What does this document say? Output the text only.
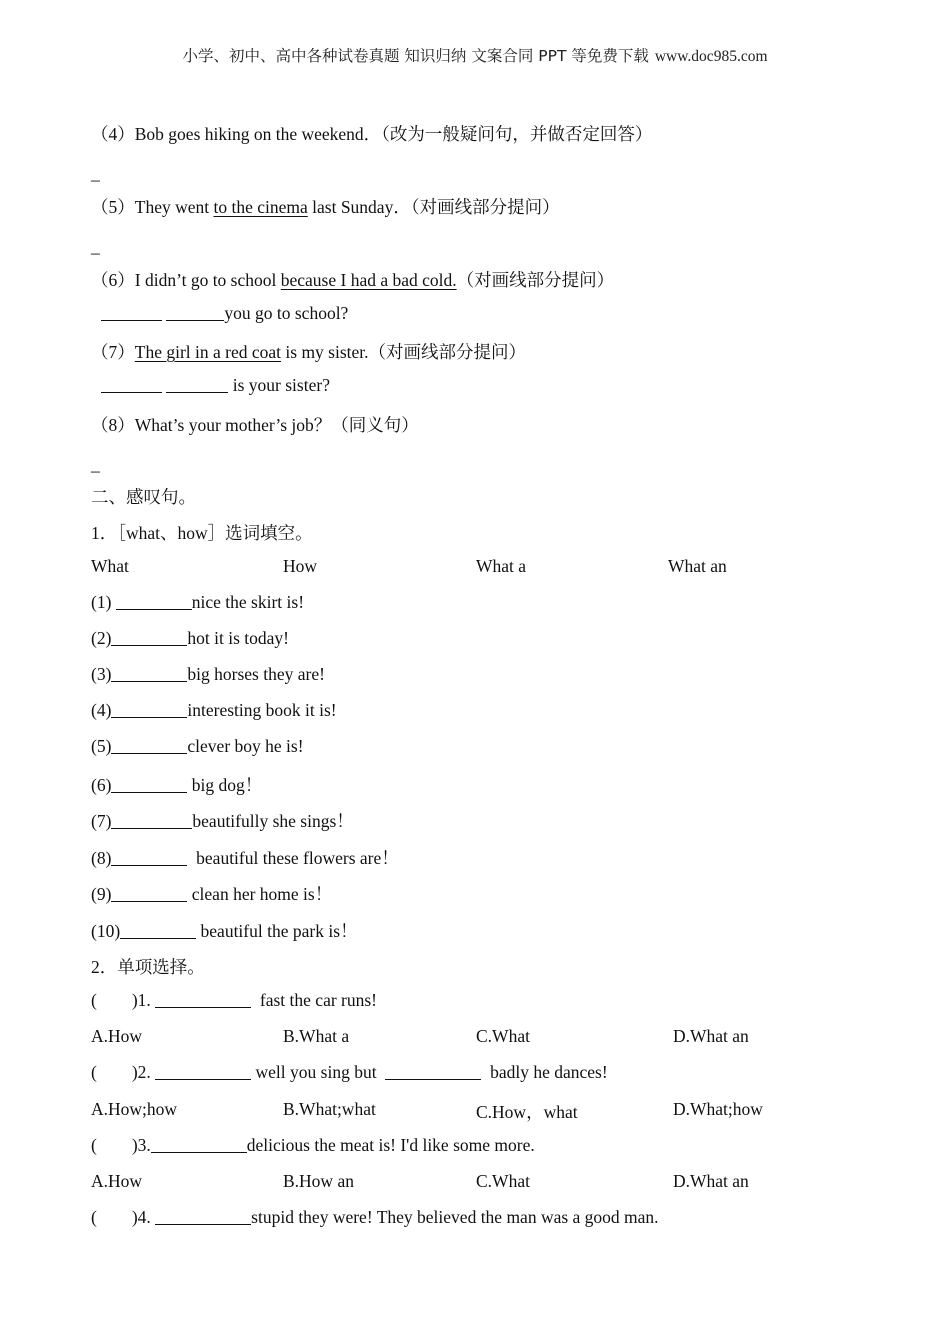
小学、初中、高中各种试卷真题 知识归纳 文案合同 PPT 等免费下载 www.doc985.com
（4）Bob goes hiking on the weekend．（改为一般疑问句，并做否定回答）
_
（5）They went to the cinema last Sunday．（对画线部分提问）
_
（6）I didn’t go to school because I had a bad cold.（对画线部分提问）
you go to school?
（7）The girl in a red coat is my sister.（对画线部分提问）
is your sister?
（8）What’s your mother’s job？（同义句）
_
二、感叹句。
1．［what、how］选词填空。
What	How	What a	What an
(1)	nice the skirt is!
(2)	hot it is today!
(3)	big horses they are!
(4)	interesting book it is!
(5)	clever boy he is!
(6)	big dog！
(7)	beautifully she sings！
(8)	beautiful these flowers are！
(9)	clean her home is！
(10)	beautiful the park is！
2．单项选择。
(        )1.	fast the car runs!
A.How	B.What a	C.What	D.What an
(        )2.	well you sing but	badly he dances!
A.How;how	B.What;what	C.How，what	D.What;how
(        )3.	delicious the meat is! I'd like some more.
A.How	B.How an	C.What	D.What an
(        )4.	stupid they were! They believed the man was a good man.
